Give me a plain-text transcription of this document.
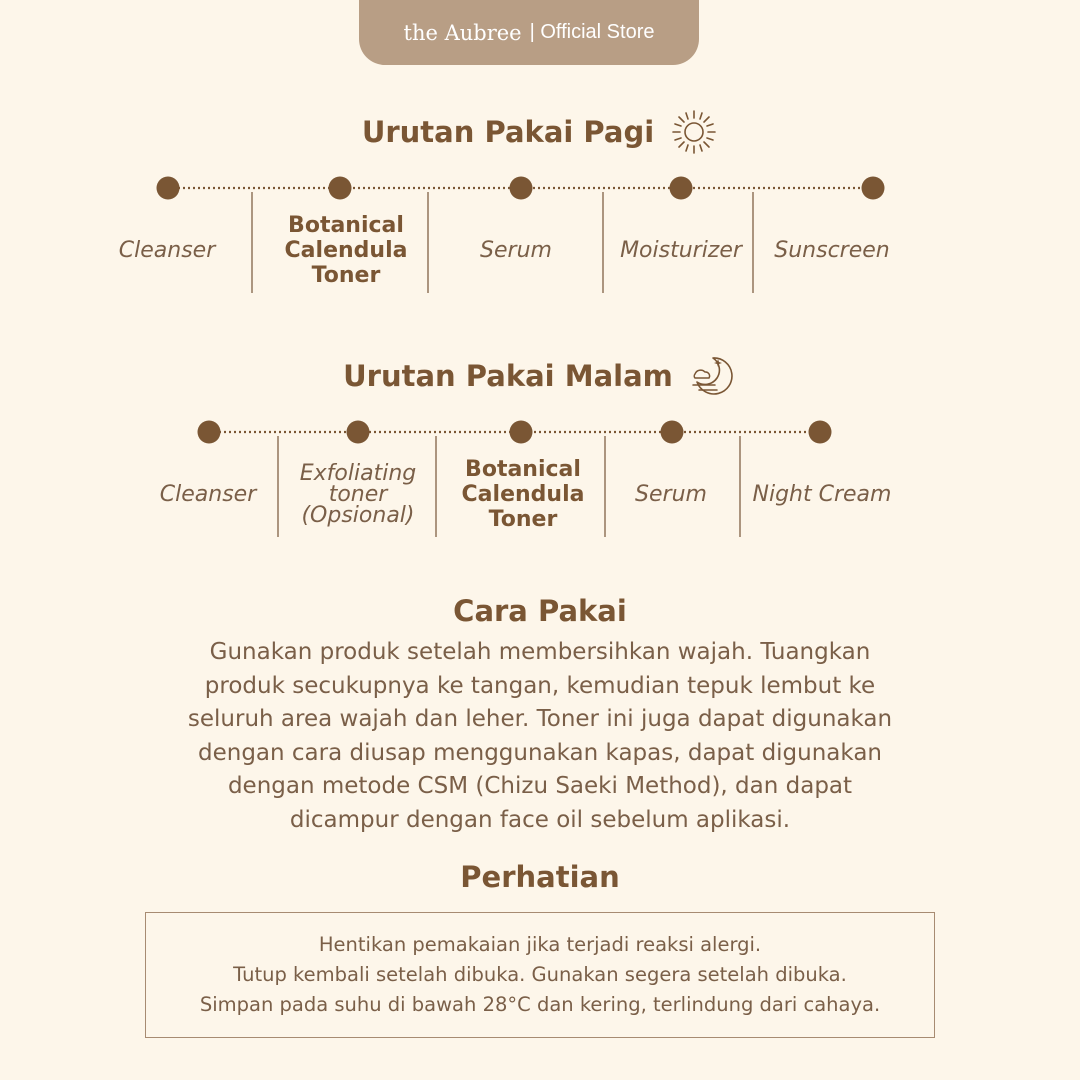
the Aubree | Official Store
Urutan Pakai Pagi
Urutan Pakai Malam
Cleanser
Botanical
Calendula
Toner
Serum	Moisturizer Sunscreen
Cleanser
Exfoliating
toner
(Opsional)
Botanical
Calendula
Toner
Serum Night Cream
Cara Pakai
Gunakan produk setelah membersihkan wajah. Tuangkan
produk secukupnya ke tangan, kemudian tepuk lembut ke
seluruh area wajah dan leher. Toner ini juga dapat digunakan
dengan cara diusap menggunakan kapas, dapat digunakan
dengan metode CSM (Chizu Saeki Method), dan dapat
dicampur dengan face oil sebelum aplikasi.
Perhatian
Hentikan pemakaian jika terjadi reaksi alergi.
Tutup kembali setelah dibuka. Gunakan segera setelah dibuka.
Simpan pada suhu di bawah 28°C dan kering, terlindung dari cahaya.
